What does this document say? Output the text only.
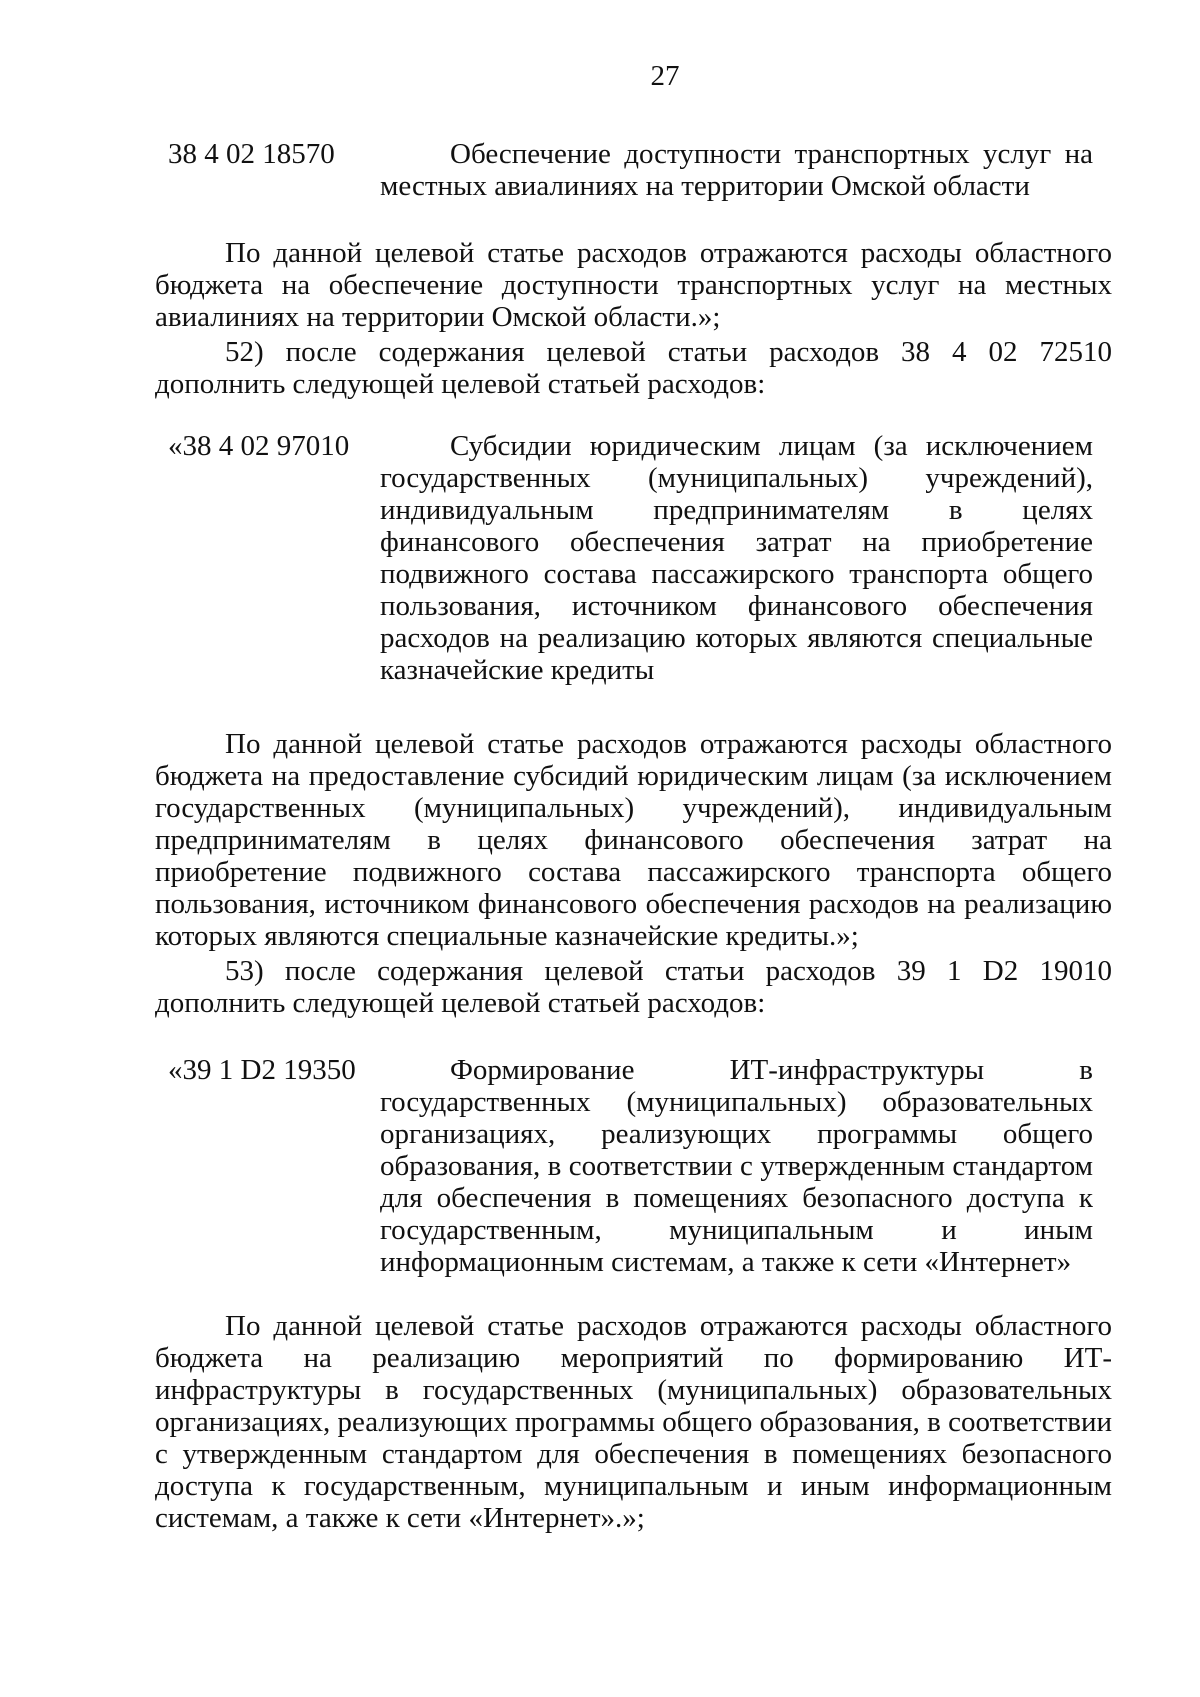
27
38 4 02 18570	Обеспечение доступности транспортных услуг на местных авиалиниях на территории Омской области

По данной целевой статье расходов отражаются расходы областного бюджета на обеспечение доступности транспортных услуг на местных авиалиниях на территории Омской области.»;

52) после содержания целевой статьи расходов 38 4 02 72510 дополнить следующей целевой статьей расходов:

«38 4 02 97010	Субсидии юридическим лицам (за исключением государственных (муниципальных) учреждений), индивидуальным предпринимателям в целях финансового обеспечения затрат на приобретение подвижного состава пассажирского транспорта общего пользования, источником финансового обеспечения расходов на реализацию которых являются специальные казначейские кредиты

По данной целевой статье расходов отражаются расходы областного бюджета на предоставление субсидий юридическим лицам (за исключением государственных (муниципальных) учреждений), индивидуальным предпринимателям в целях финансового обеспечения затрат на приобретение подвижного состава пассажирского транспорта общего пользования, источником финансового обеспечения расходов на реализацию которых являются специальные казначейские кредиты.»;

53) после содержания целевой статьи расходов 39 1 D2 19010 дополнить следующей целевой статьей расходов:

«39 1 D2 19350	Формирование ИТ-инфраструктуры в государственных (муниципальных) образовательных организациях, реализующих программы общего образования, в соответствии с утвержденным стандартом для обеспечения в помещениях безопасного доступа к государственным, муниципальным и иным информационным системам, а также к сети «Интернет»

По данной целевой статье расходов отражаются расходы областного бюджета на реализацию мероприятий по формированию ИТ-инфраструктуры в государственных (муниципальных) образовательных организациях, реализующих программы общего образования, в соответствии с утвержденным стандартом для обеспечения в помещениях безопасного доступа к государственным, муниципальным и иным информационным системам, а также к сети «Интернет».»;
